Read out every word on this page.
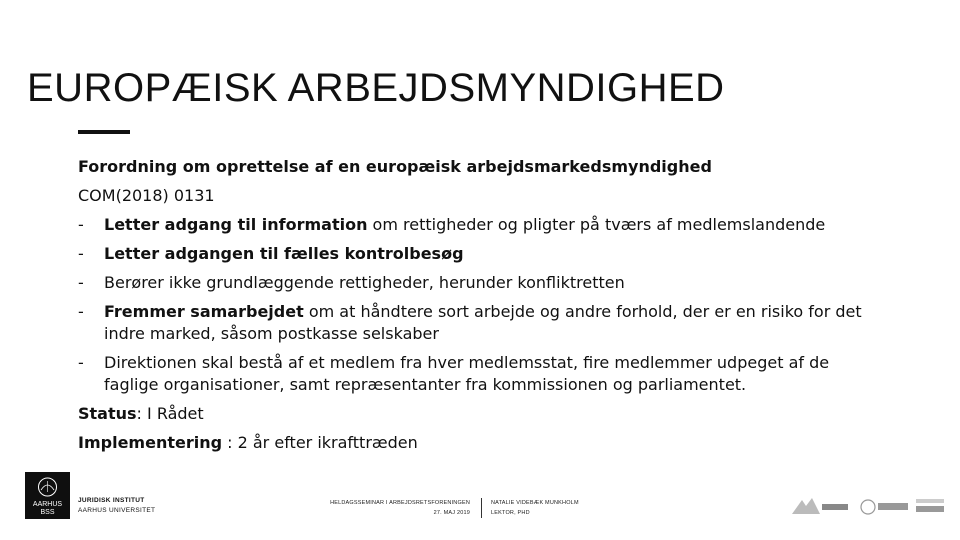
EUROPÆISK ARBEJDSMYNDIGHED

Forordning om oprettelse af en europæisk arbejdsmarkedsmyndighed

COM(2018) 0131

- Letter adgang til information om rettigheder og pligter på tværs af medlemslandende
- Letter adgangen til fælles kontrolbesøg
- Berører ikke grundlæggende rettigheder, herunder konfliktretten
- Fremmer samarbejdet om at håndtere sort arbejde og andre forhold, der er en risiko for det indre marked, såsom postkasse selskaber
- Direktionen skal bestå af et medlem fra hver medlemsstat, fire medlemmer udpeget af de faglige organisationer, samt repræsentanter fra kommissionen og parliamentet.

Status: I Rådet

Implementering : 2 år efter ikrafttræden

AARHUS
BSS
JURIDISK INSTITUT
AARHUS UNIVERSITET
HELDAGSSEMINAR I ARBEJDSRETSFORENINGEN
27. MAJ 2019
NATALIE VIDEBÆK MUNKHOLM
LEKTOR, PHD
